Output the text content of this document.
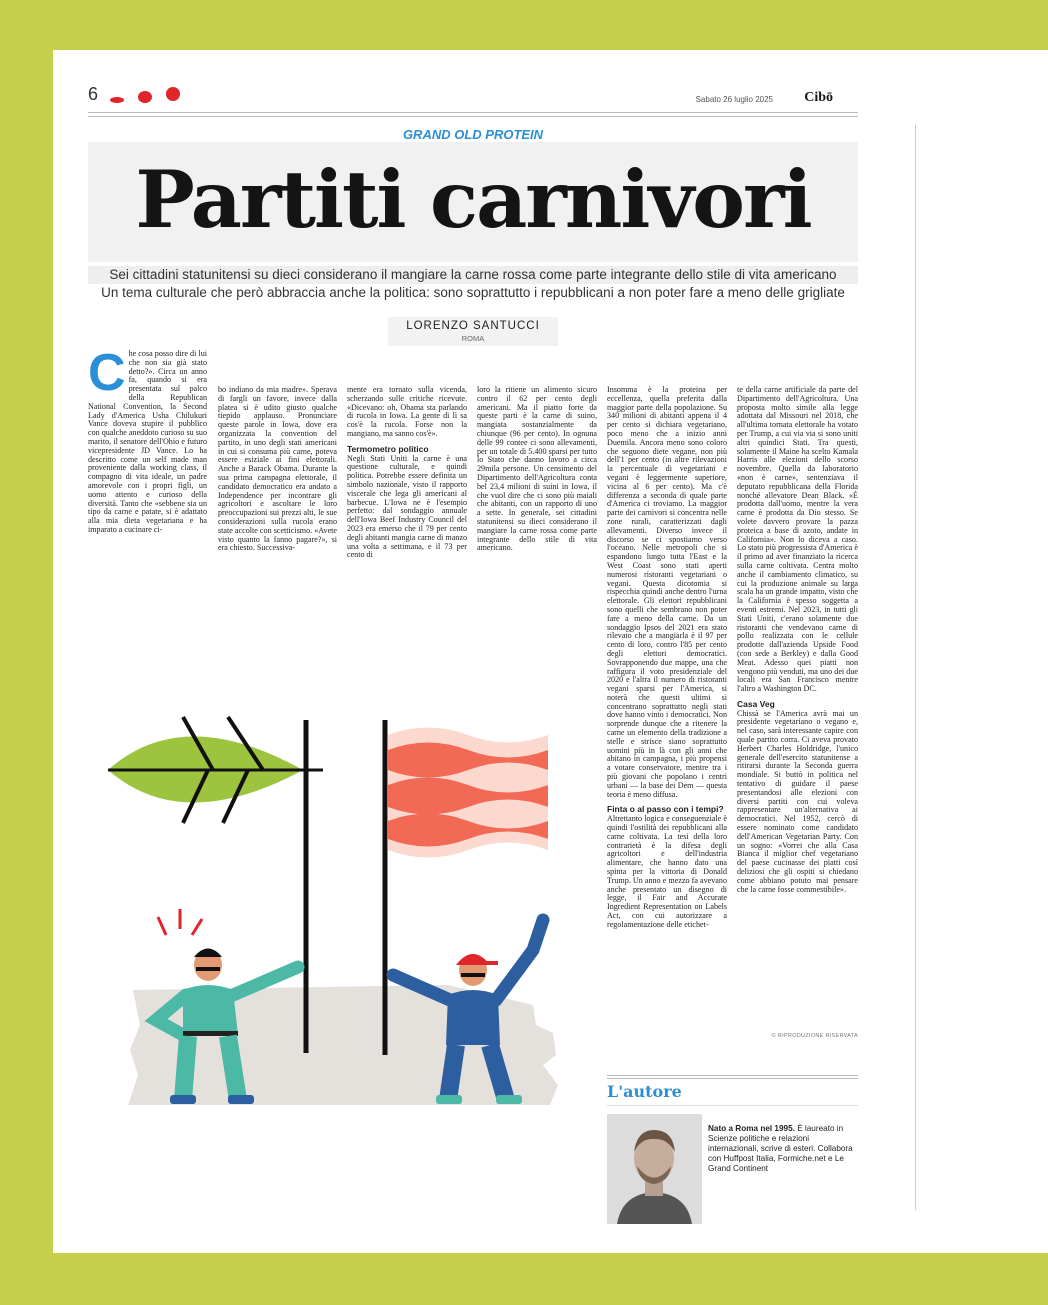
6	Sabato 26 luglio 2025 Cibō
GRAND OLD PROTEIN
Partiti carnivori
Sei cittadini statunitensi su dieci considerano il mangiare la carne rossa come parte integrante dello stile di vita americano
Un tema culturale che però abbraccia anche la politica: sono soprattutto i repubblicani a non poter fare a meno delle grigliate
LORENZO SANTUCCI
ROMA
C he cosa posso dire di lui che non sia già stato detto?». Circa un anno fa, quando si era presentata sul palco della Republican National Convention, la Second Lady d'America Usha Chilukuri Vance doveva stupire il pubblico con qualche aneddoto curioso su suo marito, il senatore dell'Ohio e futuro vicepresidente JD Vance. Lo ha descritto come un self made man proveniente dalla working class, il compagno di vita ideale, un padre amorevole con i propri figli, un uomo attento e curioso della diversità. Tanto che «sebbene sia un tipo da carne e patate, si è adattato alla mia dieta vegetariana e ha imparato a cucinare ci-

bo indiano da mia madre». Sperava di fargli un favore, invece dalla platea si è udito giusto qualche tiepido applauso. Pronunciare queste parole in Iowa, dove era organizzata la convention del partito, in uno degli stati americani in cui si consuma più carne, poteva essere esiziale ai fini elettorali. Anche a Barack Obama. Durante la sua prima campagna elettorale, il candidato democratico era andato a Independence per incontrare gli agricoltori e ascoltare le loro preoccupazioni sui prezzi alti, le sue considerazioni sulla rucola erano state accolte con scetticismo. «Avete visto quanto la fanno pagare?», si era chiesto. Successiva-

mente era tornato sulla vicenda, scherzando sulle critiche ricevute. «Dicevano: oh, Obama sta parlando di rucola in Iowa. La gente di lì sa cos'è la rucola. Forse non la mangiano, ma sanno cos'è».

Termometro politico

Negli Stati Uniti la carne è una questione culturale, e quindi politica. Potrebbe essere definita un simbolo nazionale, visto il rapporto viscerale che lega gli americani al barbecue. L'Iowa ne è l'esempio perfetto: dal sondaggio annuale dell'Iowa Beef Industry Council del 2023 era emerso che il 79 per cento degli abitanti mangia carne di manzo una volta a settimana, e il 73 per cento di

loro la ritiene un alimento sicuro contro il 62 per cento degli americani. Ma il piatto forte da queste parti è la carne di suino, mangiata sostanzialmente da chiunque (96 per cento). In ognuna delle 99 contee ci sono allevamenti, per un totale di 5.400 sparsi per tutto lo Stato che danno lavoro a circa 29mila persone. Un censimento del Dipartimento dell'Agricoltura conta bel 23,4 milioni di suini in Iowa, il che vuol dire che ci sono più maiali che abitanti, con un rapporto di uno a sette. In generale, sei cittadini statunitensi su dieci considerano il mangiare la carne rossa come parte integrante dello stile di vita americano.

Insomma è la proteina per eccellenza, quella preferita dalla maggior parte della popolazione. Su 340 milioni di abitanti appena il 4 per cento si dichiara vegetariano, poco meno che a inizio anni Duemila. Ancora meno sono coloro che seguono diete vegane, non più dell'1 per cento (in altre rilevazioni la percentuale di vegetariani e vegani è leggermente superiore, vicina al 6 per cento). Ma c'è differenza a seconda di quale parte d'America ci troviamo. La maggior parte dei carnivori si concentra nelle zone rurali, caratterizzati dagli allevamenti. Diverso invece il discorso se ci spostiamo verso l'oceano. Nelle metropoli che si espandono lungo tutta l'East e la West Coast sono stati aperti numerosi ristoranti vegetariani o vegani. Questa dicotomia si rispecchia quindi anche dentro l'urna elettorale. Gli elettori repubblicani sono quelli che sembrano non poter fare a meno della carne. Da un sondaggio Ipsos del 2021 era stato rilevato che a mangiarla è il 97 per cento di loro, contro l'85 per cento degli elettori democratici. Sovrapponendo due mappe, una che raffigura il voto presidenziale del 2020 e l'altra il numero di ristoranti vegani sparsi per l'America, si noterà che questi ultimi si concentrano soprattutto negli stati dove hanno vinto i democratici. Non sorprende dunque che a ritenere la carne un elemento della tradizione a stelle e strisce siano soprattutto uomini più in là con gli anni che abitano in campagna, i più propensi a votare conservatore, mentre tra i più giovani che popolano i centri urbani — la base dei Dem — questa teoria è meno diffusa.

Finta o al passo con i tempi?

Altrettanto logica e conseguenziale è quindi l'ostilità dei repubblicani alla carne coltivata. La tesi della loro contrarietà è la difesa degli agricoltori e dell'industria alimentare, che hanno dato una spinta per la vittoria di Donald Trump. Un anno e mezzo fa avevano anche presentato un disegno di legge, il Fair and Accurate Ingredient Representation on Labels Act, con cui autorizzare a regolamentazione delle etichet-

te della carne artificiale da parte del Dipartimento dell'Agricoltura. Una proposta molto simile alla legge adottata dal Missouri nel 2018, che all'ultima tornata elettorale ha votato per Trump, a cui via via si sono uniti altri quindici Stati. Tra questi, solamente il Maine ha scelto Kamala Harris alle elezioni dello scorso novembre. Quella da laboratorio «non è carne», sentenziava il deputato repubblicana della Florida nonché allevatore Dean Black. «È prodotta dall'uomo, mentre la vera carne è prodotta da Dio stesso. Se volete davvero provare la pazza proteica a base di azoto, andate in California». Non lo diceva a caso. Lo stato più progressista d'America è il primo ad aver finanziato la ricerca sulla carne coltivata. Centra molto anche il cambiamento climatico, su cui la produzione animale su larga scala ha un grande impatto, visto che la California è spesso soggetta a eventi estremi. Nel 2023, in tutti gli Stati Uniti, c'erano solamente due ristoranti che vendevano carne di pollo realizzata con le cellule prodotte dall'azienda Upside Food (con sede a Berkley) e dalla Good Meat. Adesso quei piatti non vengono più venduti, ma uno dei due locali era San Francisco mentre l'altro a Washington DC.

Casa Veg

Chissà se l'America avrà mai un presidente vegetariano o vegano e, nel caso, sarà interessante capire con quale partito corra. Ci aveva provato Herbert Charles Holdridge, l'unico generale dell'esercito statunitense a ritirarsi durante la Seconda guerra mondiale. Si buttò in politica nel tentativo di guidare il paese presentandosi alle elezioni con diversi partiti con cui voleva rappresentare un'alternativa ai democratici. Nel 1952, cercò di essere nominato come candidato dell'American Vegetarian Party. Con un sogno: «Vorrei che alla Casa Bianca il miglior chef vegetariano del paese cucinasse dei piatti così deliziosi che gli ospiti si chiedano come abbiano potuto mai pensare che la carne fosse commestibile».

© RIPRODUZIONE RISERVATA
L'autore
Nato a Roma nel 1995. È laureato in Scienze politiche e relazioni internazionali, scrive di esteri. Collabora con Huffpost Italia, Formiche.net e Le Grand Continent
